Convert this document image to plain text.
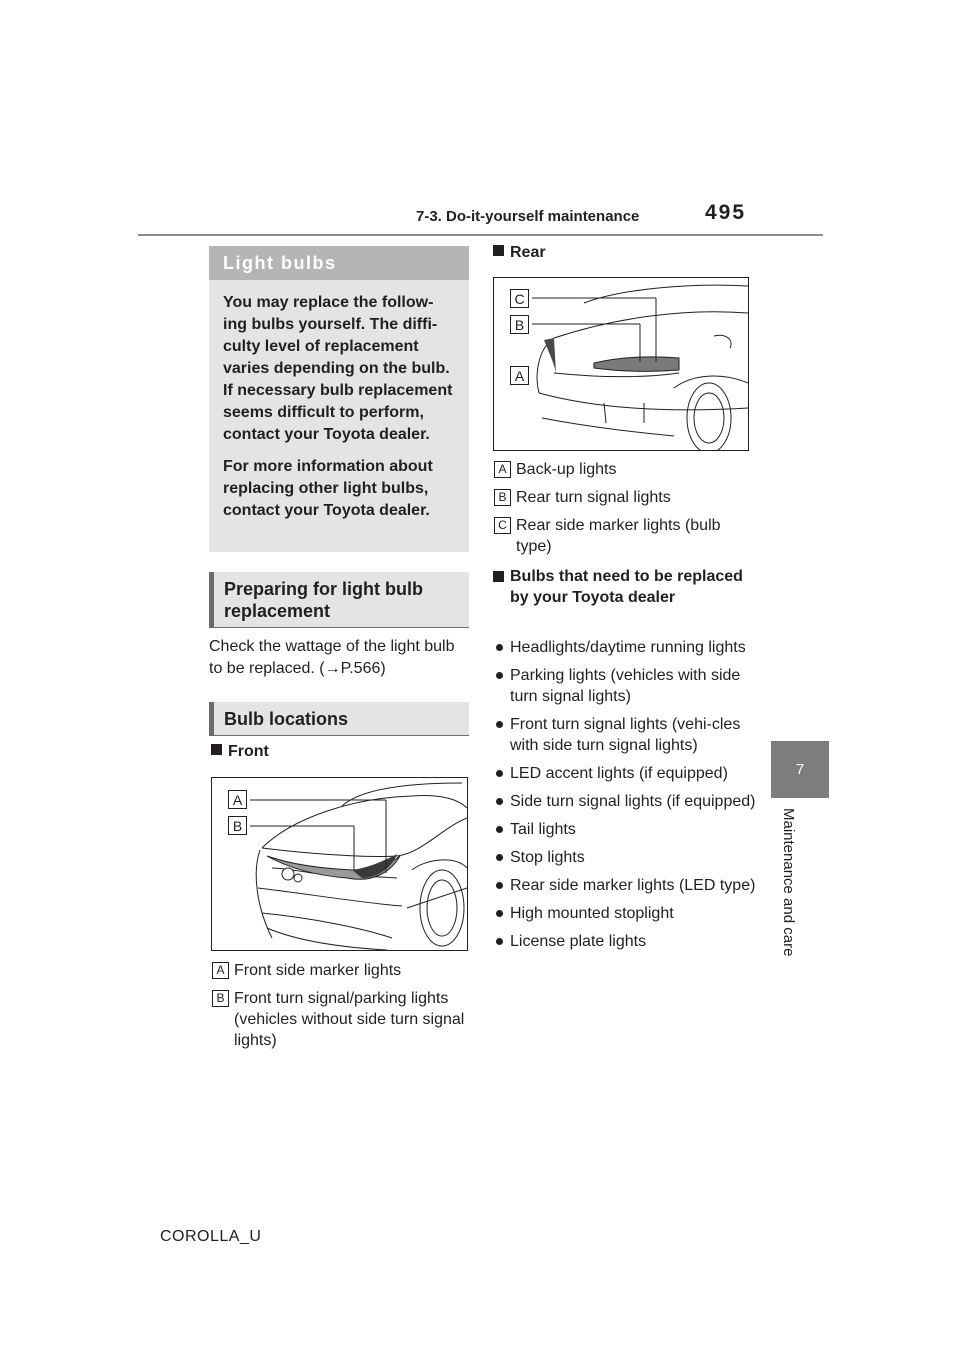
7-3. Do-it-yourself maintenance	495
7
Maintenance and care
Light bulbs

You may replace the follow-ing bulbs yourself. The diffi-culty level of replacement varies depending on the bulb. If necessary bulb replacement seems difficult to perform, contact your Toyota dealer.

For more information about replacing other light bulbs, contact your Toyota dealer.

Preparing for light bulb replacement
Check the wattage of the light bulb to be replaced. (→P.566)
Bulb locations
Front
A
B
A Front side marker lights
B Front turn signal/parking lights (vehicles without side turn signal lights)
Rear
C
B
A
A Back-up lights
B Rear turn signal lights
C Rear side marker lights (bulb type)
Bulbs that need to be replaced by your Toyota dealer
Headlights/daytime running lights
Parking lights (vehicles with side turn signal lights)
Front turn signal lights (vehi-cles with side turn signal lights)
LED accent lights (if equipped)
Side turn signal lights (if equipped)
Tail lights
Stop lights
Rear side marker lights (LED type)
High mounted stoplight
License plate lights
COROLLA_U
